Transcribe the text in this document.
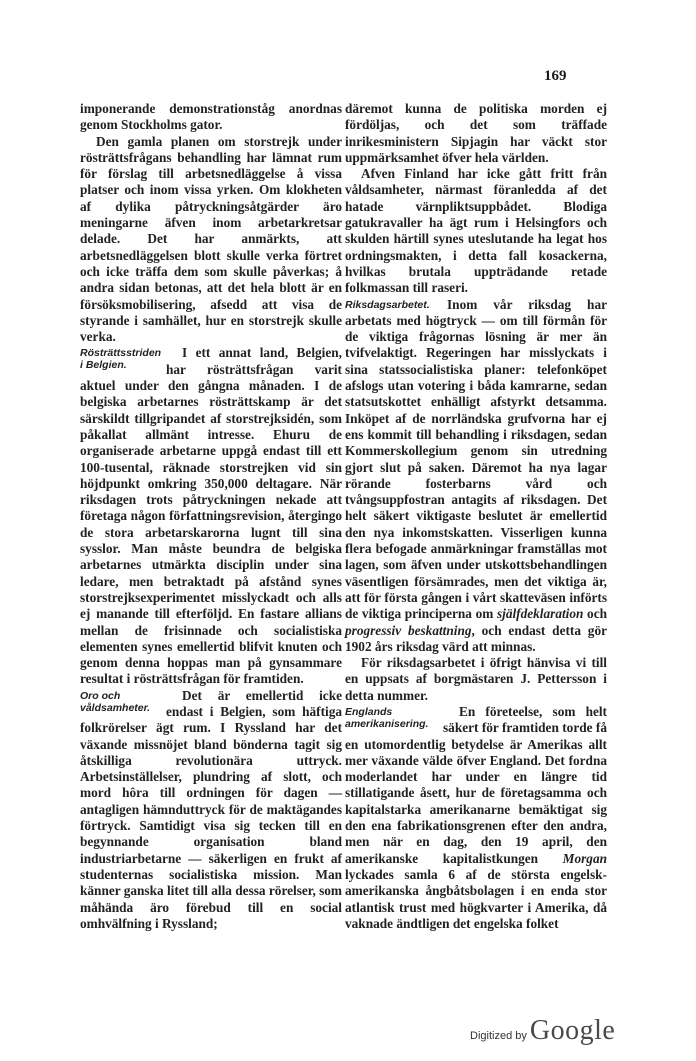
169

imponerande demonstrationståg anordnas genom Stockholms gator.

Den gamla planen om storstrejk under rösträttsfrågans behandling har lämnat rum för förslag till arbetsnedläggelse å vissa platser och inom vissa yrken. Om klokheten af dylika påtryckningsåtgärder äro meningarne äfven inom arbetarkretsar delade. Det har anmärkts, att arbetsnedläggelsen blott skulle verka förtret och icke träffa dem som skulle påverkas; å andra sidan betonas, att det hela blott är en försöksmobilisering, afsedd att visa de styrande i samhället, hur en storstrejk skulle verka.

Rösträttsstriden i Belgien.
I ett annat land, Belgien, har rösträttsfrågan varit aktuel under den gångna månaden. I de belgiska arbetarnes rösträttskamp är det särskildt tillgripandet af storstrejksidén, som påkallat allmänt intresse. Ehuru de organiserade arbetarne uppgå endast till ett 100-tusental, räknade storstrejken vid sin höjdpunkt omkring 350,000 deltagare. När riksdagen trots påtryckningen nekade att företaga någon författningsrevision, återgingo de stora arbetarskarorna lugnt till sina sysslor. Man måste beundra de belgiska arbetarnes utmärkta disciplin under sina ledare, men betraktadt på afstånd synes storstrejksexperimentet misslyckadt och alls ej manande till efterföljd. En fastare allians mellan de frisinnade och socialistiska elementen synes emellertid blifvit knuten och genom denna hoppas man på gynsammare resultat i rösträttsfrågan för framtiden.

Oro och våldsamheter.
Det är emellertid icke endast i Belgien, som häftiga folkrörelser ägt rum. I Ryssland har det växande missnöjet bland bönderna tagit sig åtskilliga revolutionära uttryck. Arbetsinställelser, plundring af slott, och mord hôra till ordningen för dagen — antagligen hämnduttryck för de maktägandes förtryck. Samtidigt visa sig tecken till en begynnande organisation bland industriarbetarne — säkerligen en frukt af studenternas socialistiska mission. Man känner ganska litet till alla dessa rörelser, som måhända äro förebud till en social omhvälfning i Ryssland;

däremot kunna de politiska morden ej fördöljas, och det som träffade inrikesministern Sipjagin har väckt stor uppmärksamhet öfver hela världen.

Afven Finland har icke gått fritt från våldsamheter, närmast föranledda af det hatade värnpliktsuppbådet. Blodiga gatukravaller ha ägt rum i Helsingfors och skulden härtill synes uteslutande ha legat hos ordningsmakten, i detta fall kosackerna, hvilkas brutala uppträdande retade folkmassan till raseri.

Riksdagsarbetet. Inom vår riksdag har arbetats med högtryck — om till förmån för de viktiga frågornas lösning är mer än tvifvelaktigt. Regeringen har misslyckats i sina statssocialistiska planer: telefonköpet afslogs utan votering i båda kamrarne, sedan statsutskottet enhälligt afstyrkt detsamma. Inköpet af de norrländska grufvorna har ej ens kommit till behandling i riksdagen, sedan Kommerskollegium genom sin utredning gjort slut på saken. Däremot ha nya lagar rörande fosterbarns vård och tvångsuppfostran antagits af riksdagen. Det helt säkert viktigaste beslutet är emellertid den nya inkomstskatten. Visserligen kunna flera befogade anmärkningar framställas mot lagen, som äfven under utskottsbehandlingen väsentligen försämrades, men det viktiga är, att för första gången i vårt skatteväsen införts de viktiga principerna om själfdeklaration och progressiv beskattning, och endast detta gör 1902 års riksdag värd att minnas.

För riksdagsarbetet i öfrigt hänvisa vi till en uppsats af borgmästaren J. Pettersson i detta nummer.

Englands amerikanisering.
En företeelse, som helt säkert för framtiden torde få en utomordentlig betydelse är Amerikas allt mer växande välde öfver England. Det fordna moderlandet har under en längre tid stillatigande åsett, hur de företagsamma och kapitalstarka amerikanarne bemäktigat sig den ena fabrikationsgrenen efter den andra, men när en dag, den 19 april, den amerikanske kapitalistkungen Morgan lyckades samla 6 af de största engelsk-amerikanska ångbåtsbolagen i en enda stor atlantisk trust med högkvarter i Amerika, då vaknade ändtligen det engelska folket

Digitized by Google
